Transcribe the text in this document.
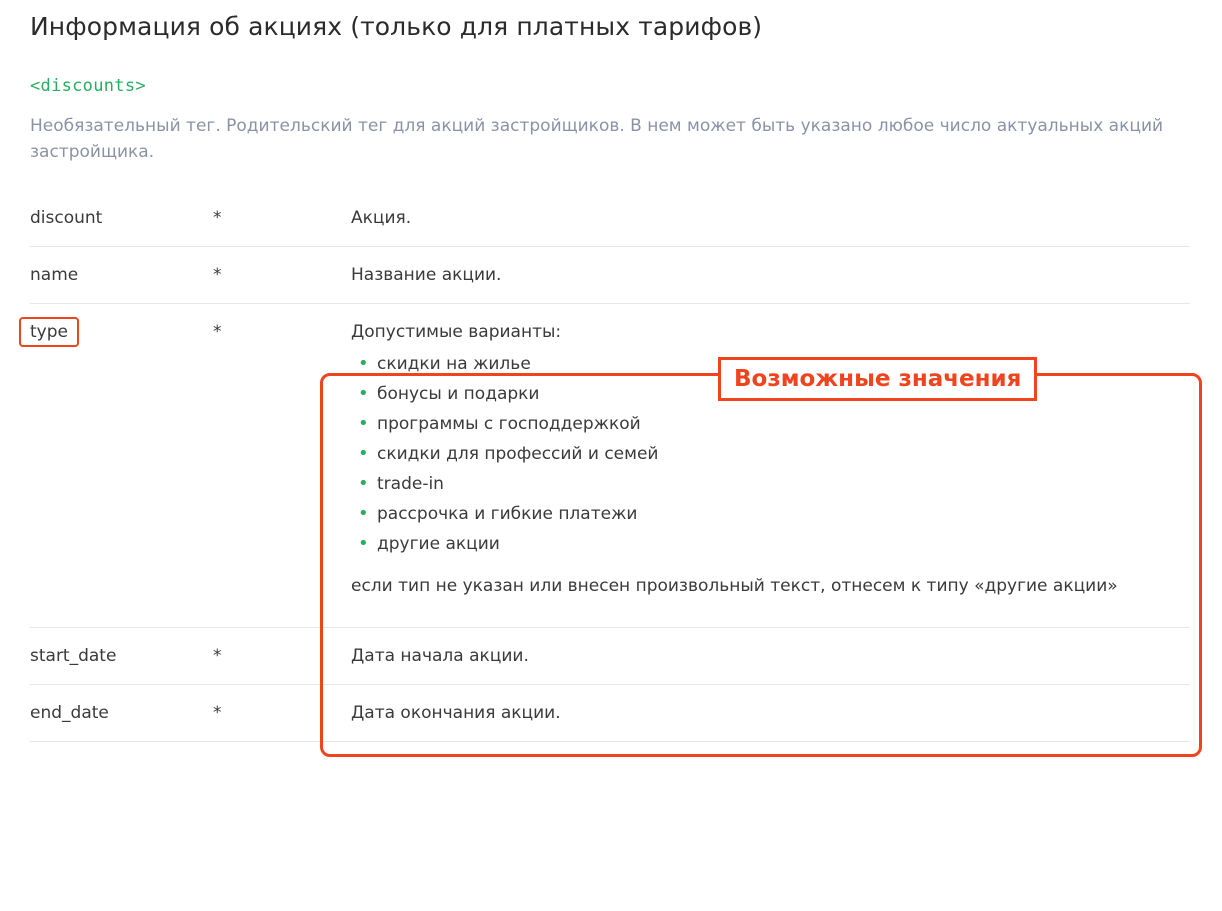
Информация об акциях (только для платных тарифов)
<discounts>

Необязательный тег. Родительский тег для акций застройщиков. В нем может быть указано любое число актуальных акций застройщика.

discount	*	Акция.
name	*	Название акции.
type	*	Допустимые варианты:
• скидки на жилье
• бонусы и подарки
• программы с господдержкой
• скидки для профессий и семей
• trade-in
• рассрочка и гибкие платежи
• другие акции
если тип не указан или внесен произвольный текст, отнесем к типу «другие акции»

start_date	*	Дата начала акции.
end_date	*	Дата окончания акции.
Возможные значения
